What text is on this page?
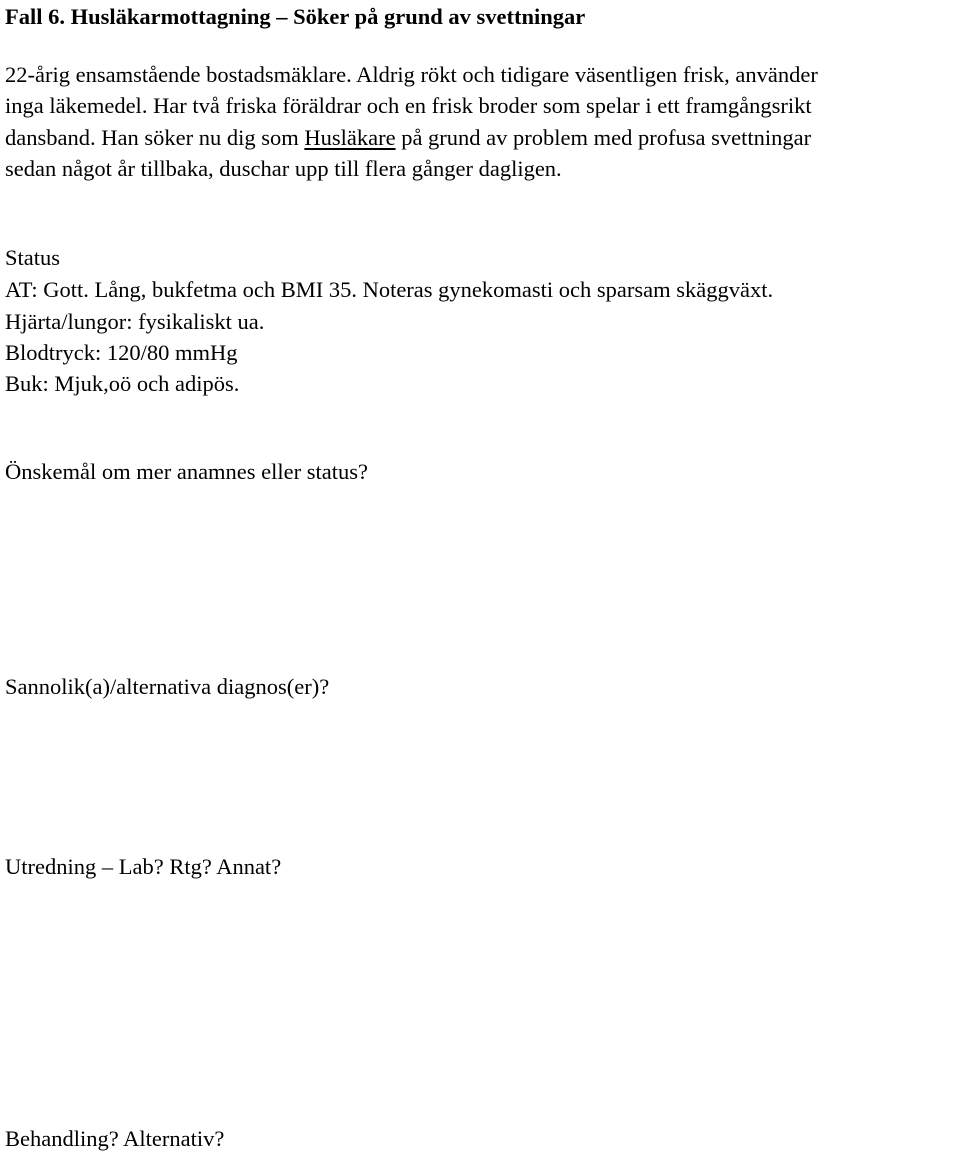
Fall 6. Husläkarmottagning – Söker på grund av svettningar
22-årig ensamstående bostadsmäklare. Aldrig rökt och tidigare väsentligen frisk, använder
inga läkemedel. Har två friska föräldrar och en frisk broder som spelar i ett framgångsrikt
dansband. Han söker nu dig som Husläkare på grund av problem med profusa svettningar
sedan något år tillbaka, duschar upp till flera gånger dagligen.
Status
AT: Gott. Lång, bukfetma och BMI 35. Noteras gynekomasti och sparsam skäggväxt.
Hjärta/lungor: fysikaliskt ua.
Blodtryck: 120/80 mmHg
Buk: Mjuk,oö och adipös.
Önskemål om mer anamnes eller status?
Sannolik(a)/alternativa diagnos(er)?
Utredning – Lab? Rtg? Annat?
Behandling? Alternativ?
